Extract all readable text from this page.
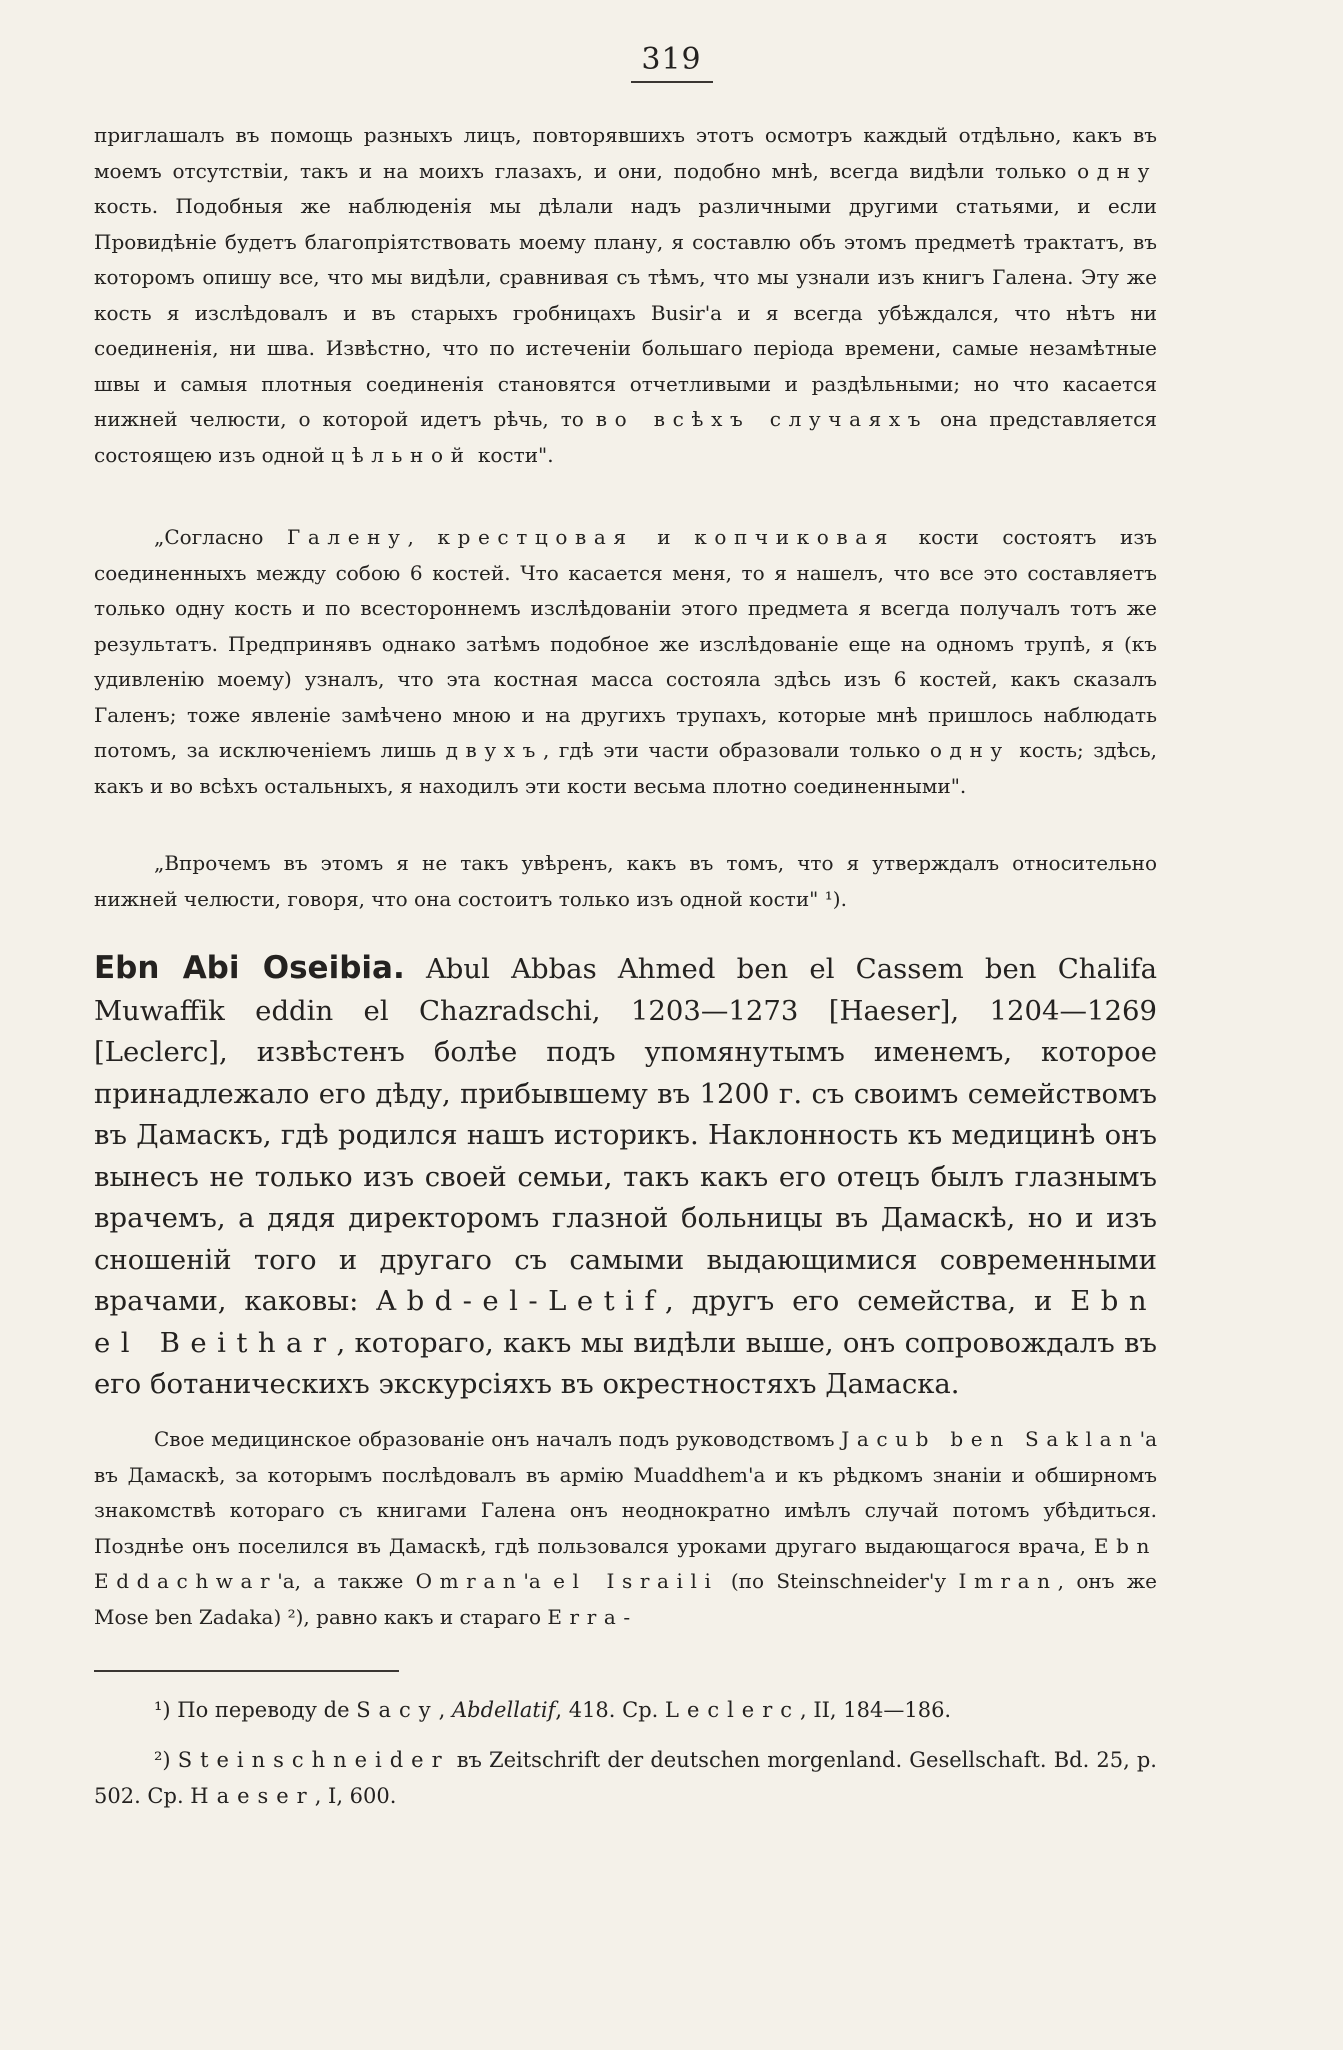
319

приглашалъ въ помощь разныхъ лицъ, повторявшихъ этотъ осмотръ каждый отдѣльно, какъ въ моемъ отсутствіи, такъ и на моихъ глазахъ, и они, подобно мнѣ, всегда видѣли только одну кость. Подобныя же наблюденія мы дѣлали надъ различными другими статьями, и если Провидѣніе будетъ благопріятствовать моему плану, я составлю объ этомъ предметѣ трактатъ, въ которомъ опишу все, что мы видѣли, сравнивая съ тѣмъ, что мы узнали изъ книгъ Галена. Эту же кость я изслѣдовалъ и въ старыхъ гробницахъ Busir'а и я всегда убѣждался, что нѣтъ ни соединенія, ни шва. Извѣстно, что по истеченіи большаго періода времени, самые незамѣтные швы и самыя плотныя соединенія становятся отчетливыми и раздѣльными; но что касается нижней челюсти, о которой идетъ рѣчь, то во всѣхъ случаяхъ она представляется состоящею изъ одной цѣльной кости".

„Согласно Галену, крестцовая и копчиковая кости состоятъ изъ соединенныхъ между собою 6 костей. Что касается меня, то я нашелъ, что все это составляетъ только одну кость и по всестороннемъ изслѣдованіи этого предмета я всегда получалъ тотъ же результатъ. Предпринявъ однако затѣмъ подобное же изслѣдованіе еще на одномъ трупѣ, я (къ удивленію моему) узналъ, что эта костная масса состояла здѣсь изъ 6 костей, какъ сказалъ Галенъ; тоже явленіе замѣчено мною и на другихъ трупахъ, которые мнѣ пришлось наблюдать потомъ, за исключеніемъ лишь двухъ, гдѣ эти части образовали только одну кость; здѣсь, какъ и во всѣхъ остальныхъ, я находилъ эти кости весьма плотно соединенными".

„Впрочемъ въ этомъ я не такъ увѣренъ, какъ въ томъ, что я утверждалъ относительно нижней челюсти, говоря, что она состоитъ только изъ одной кости" ¹).

Ebn Abi Oseibia. Abul Abbas Ahmed ben el Cassem ben Chalifa Muwaffik eddin el Chazradschi, 1203—1273 [Haeser], 1204—1269 [Leclerc], извѣстенъ болѣе подъ упомянутымъ именемъ, которое принадлежало его дѣду, прибывшему въ 1200 г. съ своимъ семействомъ въ Дамаскъ, гдѣ родился нашъ историкъ. Наклонность къ медицинѣ онъ вынесъ не только изъ своей семьи, такъ какъ его отецъ былъ глазнымъ врачемъ, а дядя директоромъ глазной больницы въ Дамаскѣ, но и изъ сношеній того и другаго съ самыми выдающимися современными врачами, каковы: Abd-el-Letif, другъ его семейства, и Ebn el Beithar, котораго, какъ мы видѣли выше, онъ сопровождалъ въ его ботаническихъ экскурсіяхъ въ окрестностяхъ Дамаска.

Свое медицинское образованіе онъ началъ подъ руководствомъ Jacub ben Saklan'а въ Дамаскѣ, за которымъ послѣдовалъ въ армію Muaddhem'а и къ рѣдкомъ знаніи и обширномъ знакомствѣ котораго съ книгами Галена онъ неоднократно имѣлъ случай потомъ убѣдиться. Позднѣе онъ поселился въ Дамаскѣ, гдѣ пользовался уроками другаго выдающагося врача, Ebn Eddachwar'а, а также Omran'а el Israili (по Steinschneider'у Imran, онъ же Mose ben Zadaka) ²), равно какъ и стараго Erra-

¹) По переводу de Sacy, Abdellatif, 418. Ср. Leclerc, II, 184—186.

²) Steinschneider въ Zeitschrift der deutschen morgenland. Gesellschaft. Bd. 25, p. 502. Ср. Haeser, I, 600.
